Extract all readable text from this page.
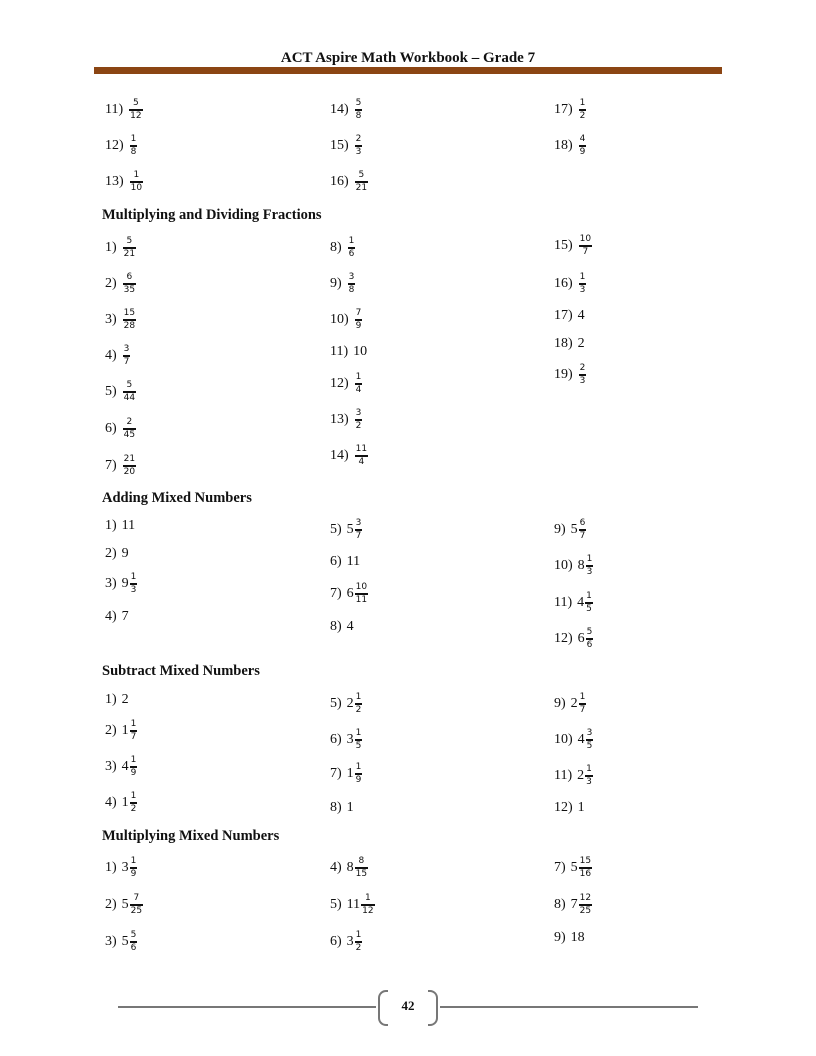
ACT Aspire Math Workbook – Grade 7
$11) \frac{5}{12}$
$12) \frac{1}{8}$
$13) \frac{1}{10}$
$14) \frac{5}{8}$
$15) \frac{2}{3}$
$16) \frac{5}{21}$
$17) \frac{1}{2}$
$18) \frac{4}{9}$
Multiplying and Dividing Fractions
$1) \frac{5}{21}$
$2) \frac{6}{35}$
$3) \frac{15}{28}$
$4) \frac{3}{7}$
$5) \frac{5}{44}$
$6) \frac{2}{45}$
$7) \frac{21}{20}$
$8) \frac{1}{6}$
$9) \frac{3}{8}$
$10) \frac{7}{9}$
11) 10
$12) \frac{1}{4}$
$13) \frac{3}{2}$
$14) \frac{11}{4}$
$15) \frac{10}{7}$
$16) \frac{1}{3}$
17) 4
18) 2
$19) \frac{2}{3}$
Adding Mixed Numbers
1) 11
2) 9
3) $9 \frac{1}{3}$
4) 7
5) $5 \frac{3}{7}$
6) 11
7) $6 \frac{10}{11}$
8) 4
9) $5 \frac{6}{7}$
10) $8 \frac{1}{3}$
11) $4 \frac{1}{5}$
12) $6 \frac{5}{6}$
Subtract Mixed Numbers
1) 2
2) $1 \frac{1}{7}$
3) $4 \frac{1}{9}$
4) $1 \frac{1}{2}$
5) $2 \frac{1}{2}$
6) $3 \frac{1}{5}$
7) $1 \frac{1}{9}$
8) 1
9) $2 \frac{1}{7}$
10) $4 \frac{3}{5}$
11) $2 \frac{1}{3}$
12) 1
Multiplying Mixed Numbers
1) $3 \frac{1}{9}$
2) $5 \frac{7}{25}$
3) $5 \frac{5}{6}$
4) $8 \frac{8}{15}$
5) $11 \frac{1}{12}$
6) $3 \frac{1}{2}$
7) $5 \frac{15}{16}$
8) $7 \frac{12}{25}$
9) 18
42
